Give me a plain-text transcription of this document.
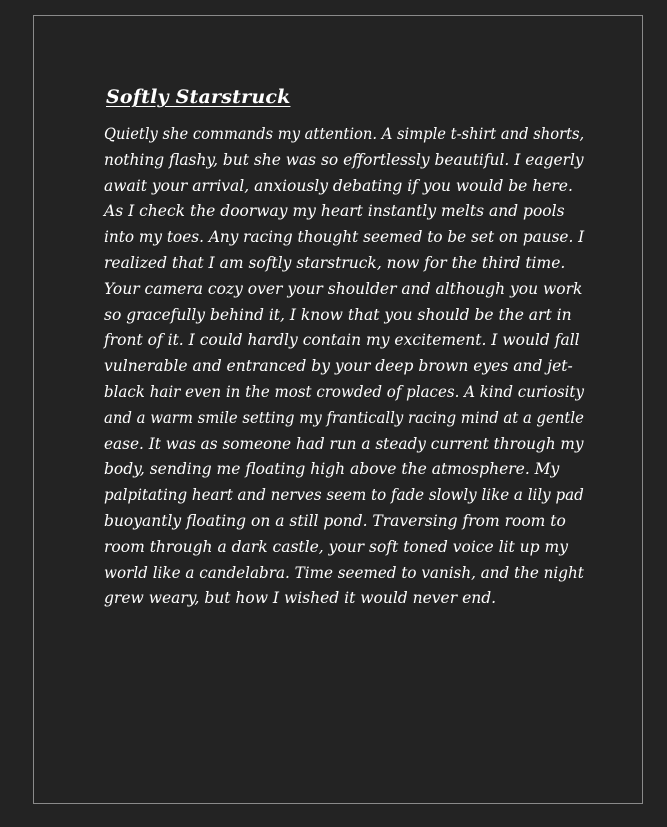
Softly Starstruck
Quietly she commands my attention. A simple t-shirt and shorts,
nothing flashy, but she was so effortlessly beautiful. I eagerly
await your arrival, anxiously debating if you would be here.
As I check the doorway my heart instantly melts and pools
into my toes. Any racing thought seemed to be set on pause. I
realized that I am softly starstruck, now for the third time.
Your camera cozy over your shoulder and although you work
so gracefully behind it, I know that you should be the art in
front of it. I could hardly contain my excitement. I would fall
vulnerable and entranced by your deep brown eyes and jet-
black hair even in the most crowded of places. A kind curiosity
and a warm smile setting my frantically racing mind at a gentle
ease. It was as someone had run a steady current through my
body, sending me floating high above the atmosphere. My
palpitating heart and nerves seem to fade slowly like a lily pad
buoyantly floating on a still pond. Traversing from room to
room through a dark castle, your soft toned voice lit up my
world like a candelabra. Time seemed to vanish, and the night
grew weary, but how I wished it would never end.
